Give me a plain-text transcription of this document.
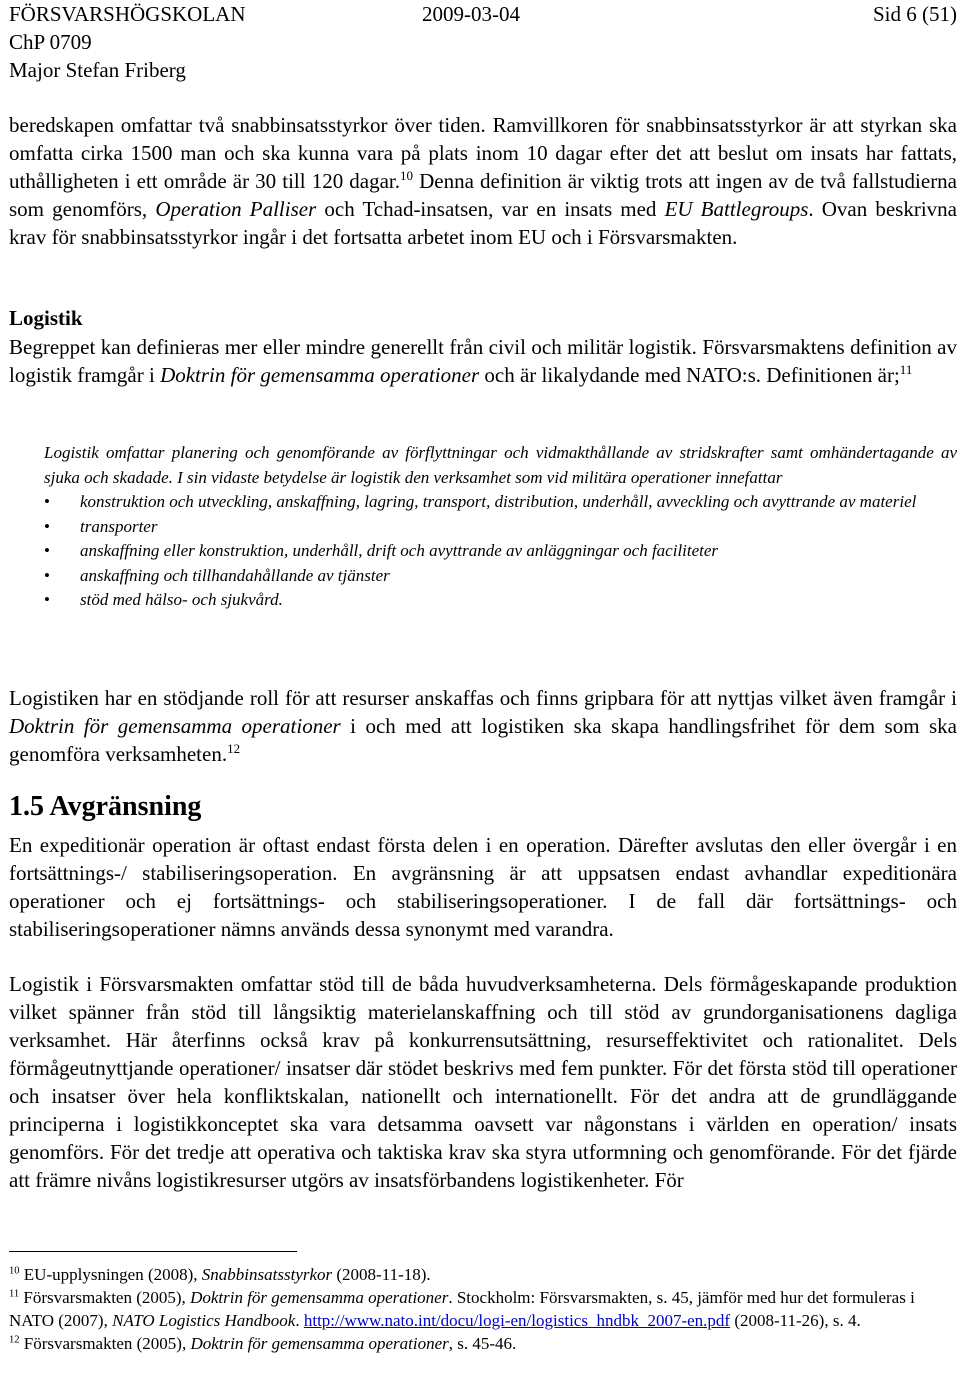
FÖRSVARSHÖGSKOLAN
ChP 0709
Major Stefan Friberg
2009-03-04	Sid 6 (51)

beredskapen omfattar två snabbinsatsstyrkor över tiden. Ramvillkoren för snabbinsatsstyrkor är att styrkan ska omfatta cirka 1500 man och ska kunna vara på plats inom 10 dagar efter det att beslut om insats har fattats, uthålligheten i ett område är 30 till 120 dagar.$^{10}$ Denna definition är viktig trots att ingen av de två fallstudierna som genomförs, Operation Palliser och Tchad-insatsen, var en insats med EU Battlegroups. Ovan beskrivna krav för snabbinsatsstyrkor ingår i det fortsatta arbetet inom EU och i Försvarsmakten.

Logistik

Begreppet kan definieras mer eller mindre generellt från civil och militär logistik. Försvarsmaktens definition av logistik framgår i Doktrin för gemensamma operationer och är likalydande med NATO:s. Definitionen är;$^{11}$

Logistik omfattar planering och genomförande av förflyttningar och vidmakthållande av stridskrafter samt omhändertagande av sjuka och skadade. I sin vidaste betydelse är logistik den verksamhet som vid militära operationer innefattar

• konstruktion och utveckling, anskaffning, lagring, transport, distribution, underhåll, avveckling och avyttrande av materiel
• transporter
• anskaffning eller konstruktion, underhåll, drift och avyttrande av anläggningar och faciliteter
• anskaffning och tillhandahållande av tjänster
• stöd med hälso- och sjukvård.

Logistiken har en stödjande roll för att resurser anskaffas och finns gripbara för att nyttjas vilket även framgår i Doktrin för gemensamma operationer i och med att logistiken ska skapa handlingsfrihet för dem som ska genomföra verksamheten.$^{12}$

1.5 Avgränsning

En expeditionär operation är oftast endast första delen i en operation. Därefter avslutas den eller övergår i en fortsättnings-/ stabiliseringsoperation. En avgränsning är att uppsatsen endast avhandlar expeditionära operationer och ej fortsättnings- och stabiliseringsoperationer. I de fall där fortsättnings- och stabiliseringsoperationer nämns används dessa synonymt med varandra.

Logistik i Försvarsmakten omfattar stöd till de båda huvudverksamheterna. Dels förmågeskapande produktion vilket spänner från stöd till långsiktig materielanskaffning och till stöd av grundorganisationens dagliga verksamhet. Här återfinns också krav på konkurrensutsättning, resurseffektivitet och rationalitet. Dels förmågeutnyttjande operationer/ insatser där stödet beskrivs med fem punkter. För det första stöd till operationer och insatser över hela konfliktskalan, nationellt och internationellt. För det andra att de grundläggande principerna i logistikkonceptet ska vara detsamma oavsett var någonstans i världen en operation/ insats genomförs. För det tredje att operativa och taktiska krav ska styra utformning och genomförande. För det fjärde att främre nivåns logistikresurser utgörs av insatsförbandens logistikenheter. För

$^{10}$ EU-upplysningen (2008), Snabbinsatsstyrkor (2008-11-18).

$^{11}$ Försvarsmakten (2005), Doktrin för gemensamma operationer. Stockholm: Försvarsmakten, s. 45, jämför med hur det formuleras i NATO (2007), NATO Logistics Handbook. http://www.nato.int/docu/logi-en/logistics_hndbk_2007-en.pdf (2008-11-26), s. 4.

$^{12}$ Försvarsmakten (2005), Doktrin för gemensamma operationer, s. 45-46.
